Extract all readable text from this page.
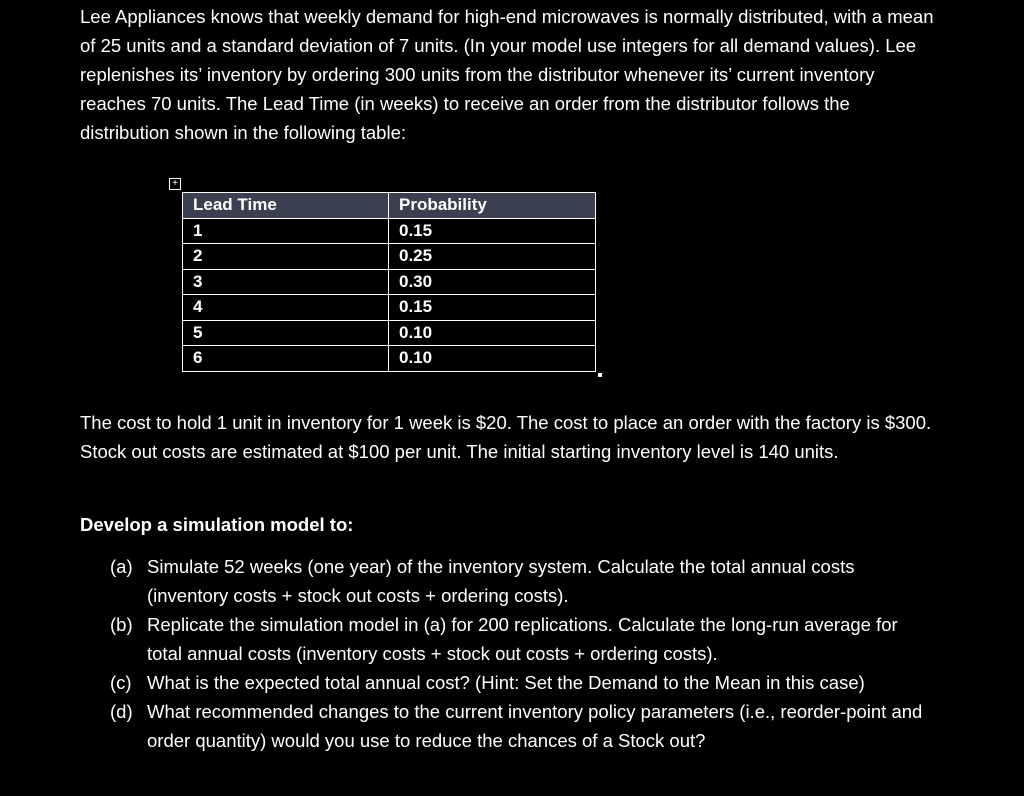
Lee Appliances knows that weekly demand for high-end microwaves is normally distributed, with a mean of 25 units and a standard deviation of 7 units. (In your model use integers for all demand values). Lee replenishes its’ inventory by ordering 300 units from the distributor whenever its’ current inventory reaches 70 units. The Lead Time (in weeks) to receive an order from the distributor follows the distribution shown in the following table:

+
Lead Time	Probability
1	0.15
2	0.25
3	0.30
4	0.15
5	0.10
6	0.10

The cost to hold 1 unit in inventory for 1 week is $20. The cost to place an order with the factory is $300. Stock out costs are estimated at $100 per unit. The initial starting inventory level is 140 units.

Develop a simulation model to:

(a) Simulate 52 weeks (one year) of the inventory system. Calculate the total annual costs (inventory costs + stock out costs + ordering costs).
(b) Replicate the simulation model in (a) for 200 replications. Calculate the long-run average for total annual costs (inventory costs + stock out costs + ordering costs).
(c) What is the expected total annual cost? (Hint: Set the Demand to the Mean in this case)
(d) What recommended changes to the current inventory policy parameters (i.e., reorder-point and order quantity) would you use to reduce the chances of a Stock out?
